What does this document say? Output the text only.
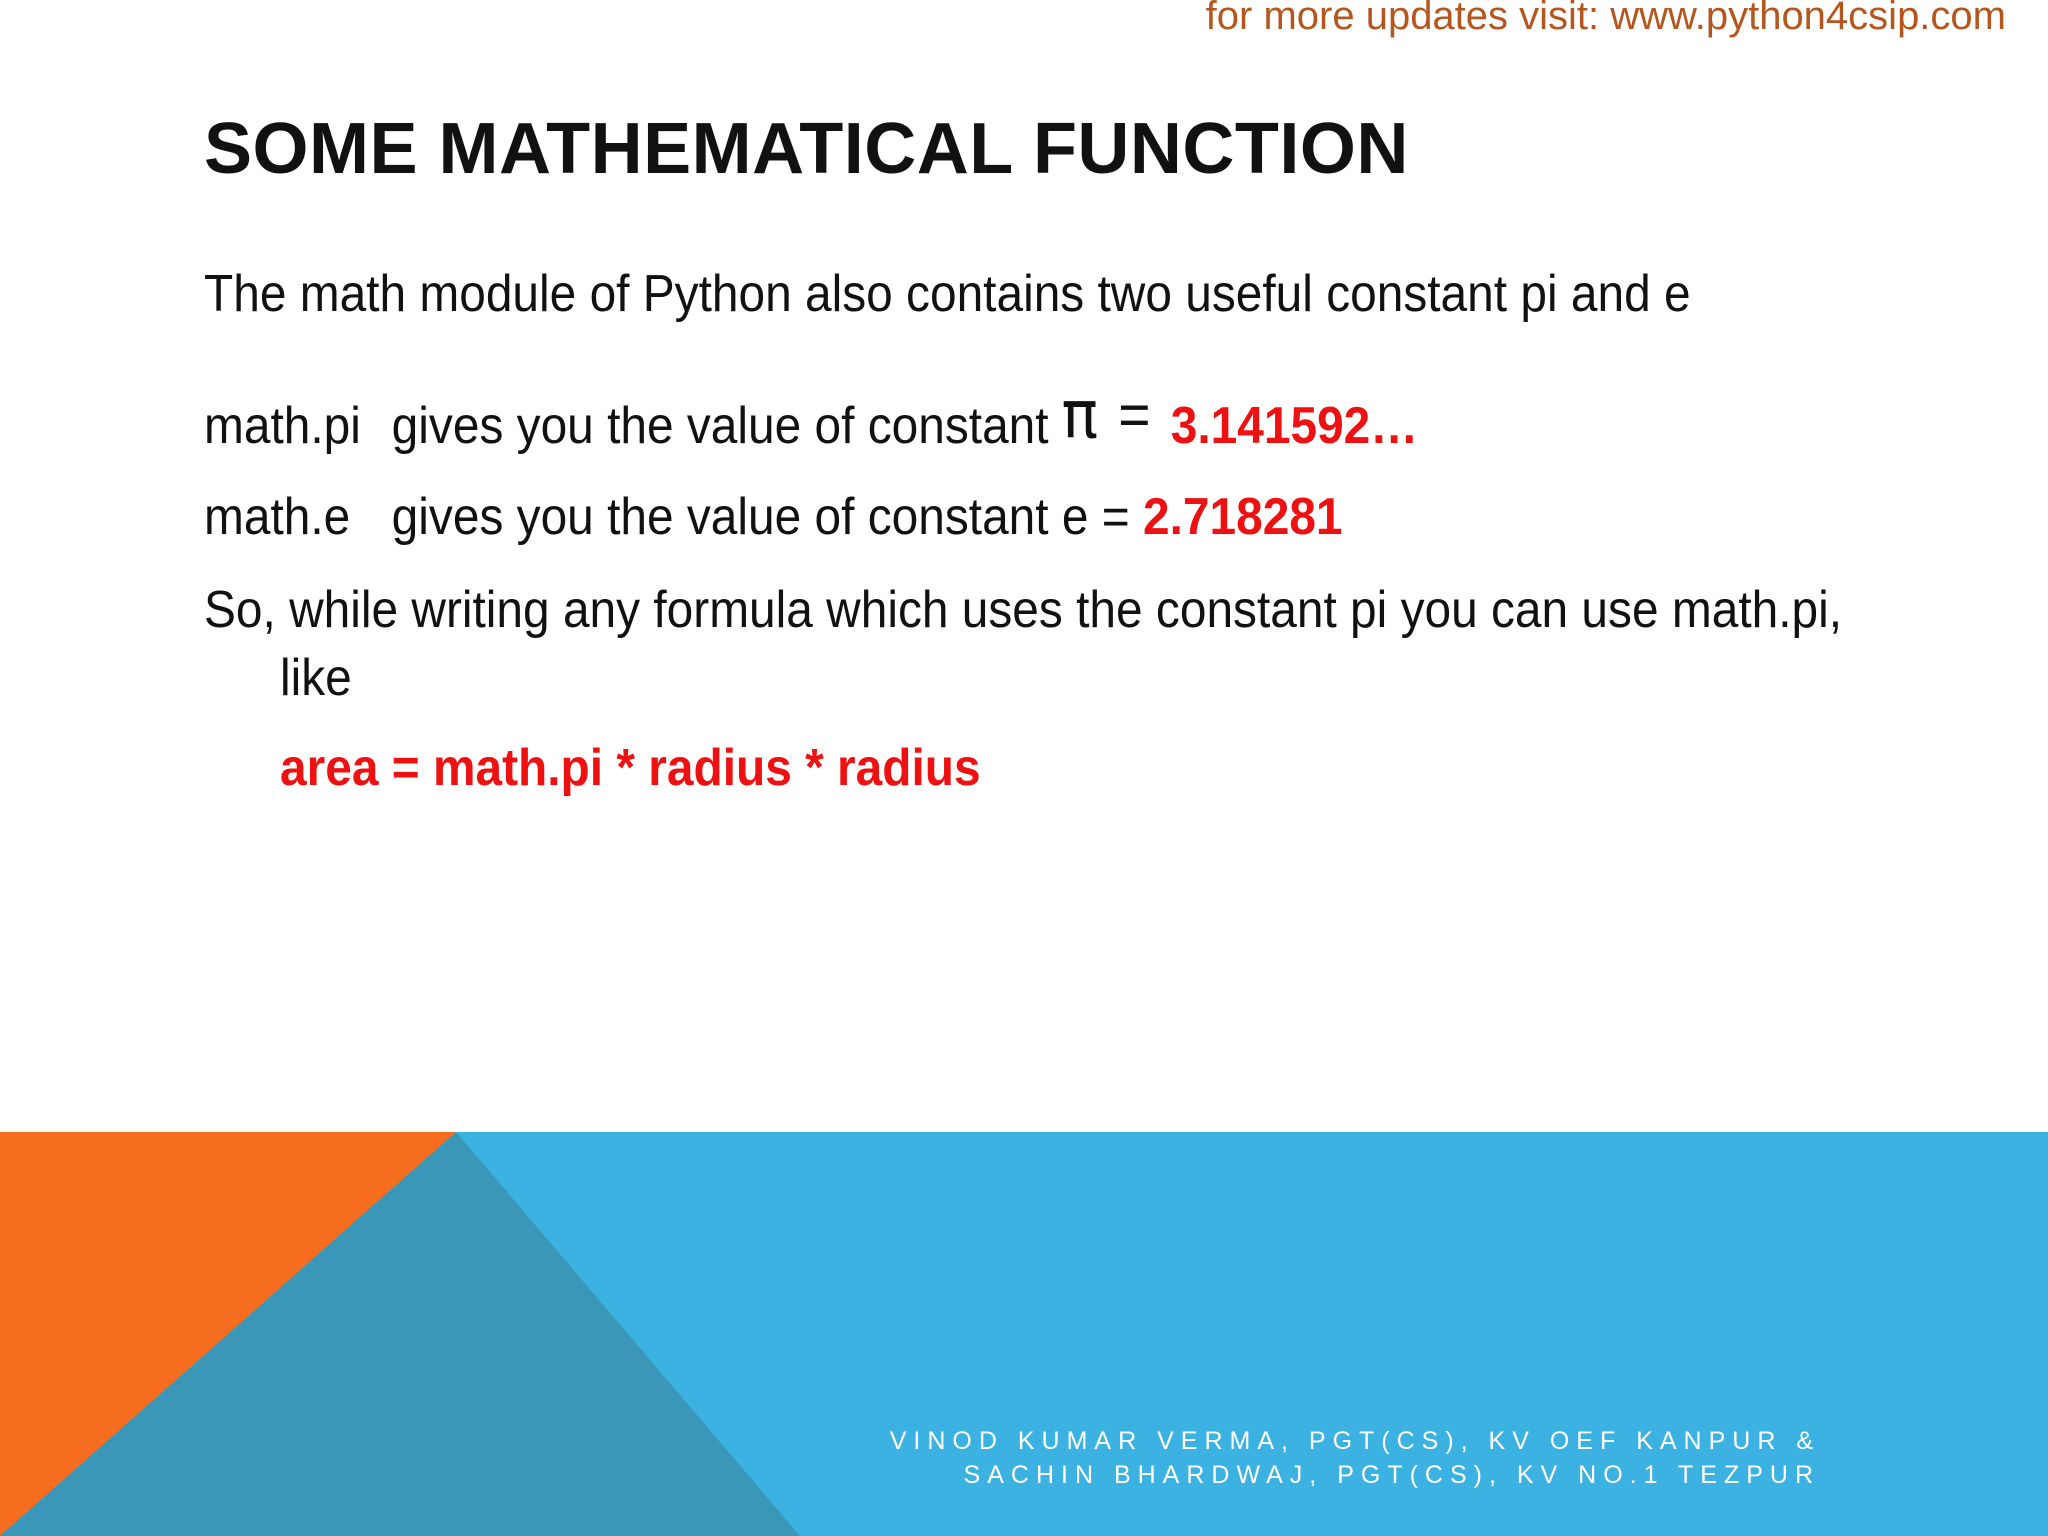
for more updates visit: www.python4csip.com
SOME MATHEMATICAL FUNCTION
The math module of Python also contains two useful constant pi and e
math.pi gives you the value of constant π = 3.141592…
math.e gives you the value of constant e = 2.718281
So, while writing any formula which uses the constant pi you can use math.pi,
like
area = math.pi * radius * radius
VINOD KUMAR VERMA, PGT(CS), KV OEF KANPUR &
SACHIN BHARDWAJ, PGT(CS), KV NO.1 TEZPUR
